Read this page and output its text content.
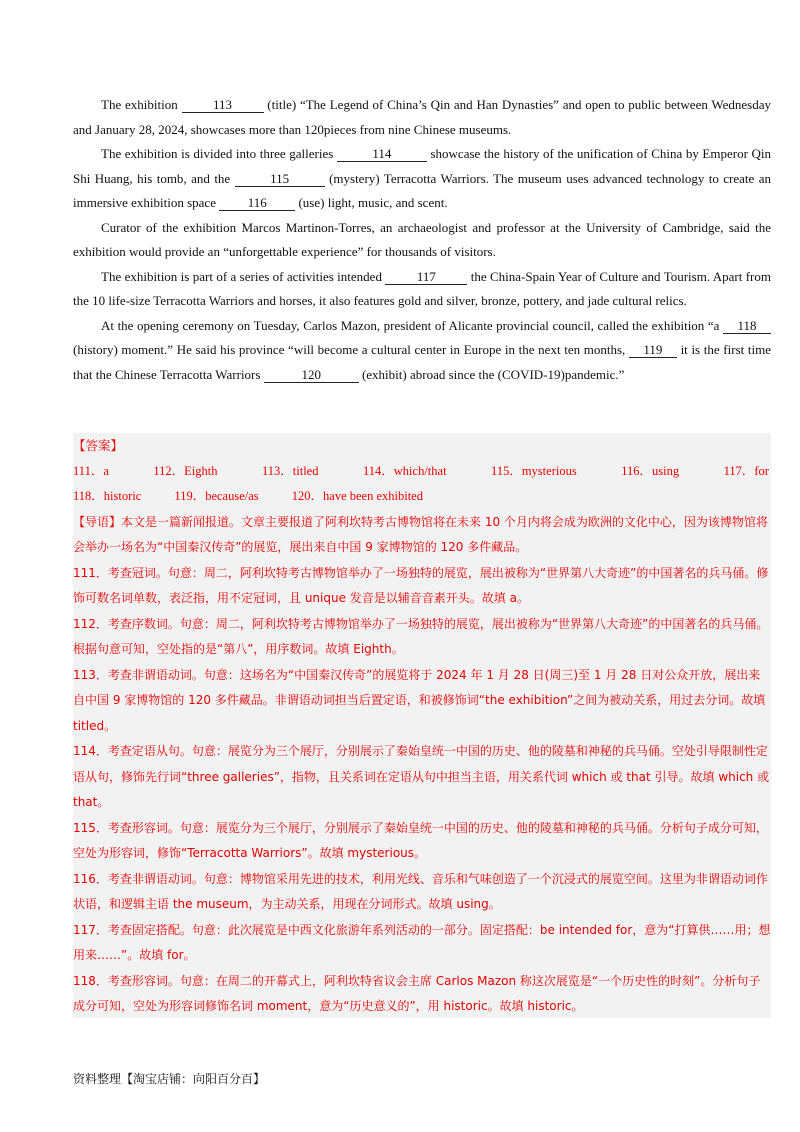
The exhibition 113 (title) “The Legend of China’s Qin and Han Dynasties” and open to public between Wednesday and January 28, 2024, showcases more than 120pieces from nine Chinese museums.

The exhibition is divided into three galleries	114	showcase the history of the unification of China by Emperor Qin Shi Huang, his tomb, and the	115	(mystery) Terracotta Warriors. The museum uses advanced technology to create an immersive exhibition space 116 (use) light, music, and scent.

Curator of the exhibition Marcos Martinon-Torres, an archaeologist and professor at the University of Cambridge, said the exhibition would provide an “unforgettable experience” for thousands of visitors.

The exhibition is part of a series of activities intended 117 the China-Spain Year of Culture and Tourism. Apart from the 10 life-size Terracotta Warriors and horses, it also features gold and silver, bronze, pottery, and jade cultural relics.

At the opening ceremony on Tuesday, Carlos Mazon, president of Alicante provincial council, called the exhibition “a 118 (history) moment.” He said his province “will become a cultural center in Europe in the next ten months, 119 it is the first time that the Chinese Terracotta Warriors	120	(exhibit) abroad since the (COVID-19)pandemic.”

【答案】

111．a	112．Eighth	113．titled	114．which/that	115．mysterious	116．using	117．for
118．historic	119．because/as	120．have been exhibited

【导语】本文是一篇新闻报道。文章主要报道了阿利坎特考古博物馆将在未来 10 个月内将会成为欧洲的文化中心，因为该博物馆将会举办一场名为“中国秦汉传奇”的展览，展出来自中国 9 家博物馆的 120 多件藏品。

111．考查冠词。句意：周二，阿利坎特考古博物馆举办了一场独特的展览，展出被称为“世界第八大奇迹”的中国著名的兵马俑。修饰可数名词单数，表泛指，用不定冠词，且 unique 发音是以辅音音素开头。故填 a。

112．考查序数词。句意：周二，阿利坎特考古博物馆举办了一场独特的展览，展出被称为“世界第八大奇迹”的中国著名的兵马俑。根据句意可知，空处指的是“第八”，用序数词。故填 Eighth。

113．考查非谓语动词。句意：这场名为“中国秦汉传奇”的展览将于 2024 年 1 月 28 日(周三)至 1 月 28 日对公众开放，展出来自中国 9 家博物馆的 120 多件藏品。非谓语动词担当后置定语，和被修饰词“the exhibition”之间为被动关系，用过去分词。故填 titled。

114．考查定语从句。句意：展览分为三个展厅，分别展示了秦始皇统一中国的历史、他的陵墓和神秘的兵马俑。空处引导限制性定语从句，修饰先行词“three galleries”，指物，且关系词在定语从句中担当主语，用关系代词 which 或 that 引导。故填 which 或 that。

115．考查形容词。句意：展览分为三个展厅，分别展示了秦始皇统一中国的历史、他的陵墓和神秘的兵马俑。分析句子成分可知，空处为形容词，修饰“Terracotta Warriors”。故填 mysterious。

116．考查非谓语动词。句意：博物馆采用先进的技术，利用光线、音乐和气味创造了一个沉浸式的展览空间。这里为非谓语动词作状语，和逻辑主语 the museum，为主动关系，用现在分词形式。故填 using。

117．考查固定搭配。句意：此次展览是中西文化旅游年系列活动的一部分。固定搭配：be intended for，意为“打算供……用；想用来……”。故填 for。

118．考查形容词。句意：在周二的开幕式上，阿利坎特省议会主席 Carlos Mazon 称这次展览是“一个历史性的时刻”。分析句子成分可知，空处为形容词修饰名词 moment，意为“历史意义的”，用 historic。故填 historic。

资料整理【淘宝店铺：向阳百分百】
